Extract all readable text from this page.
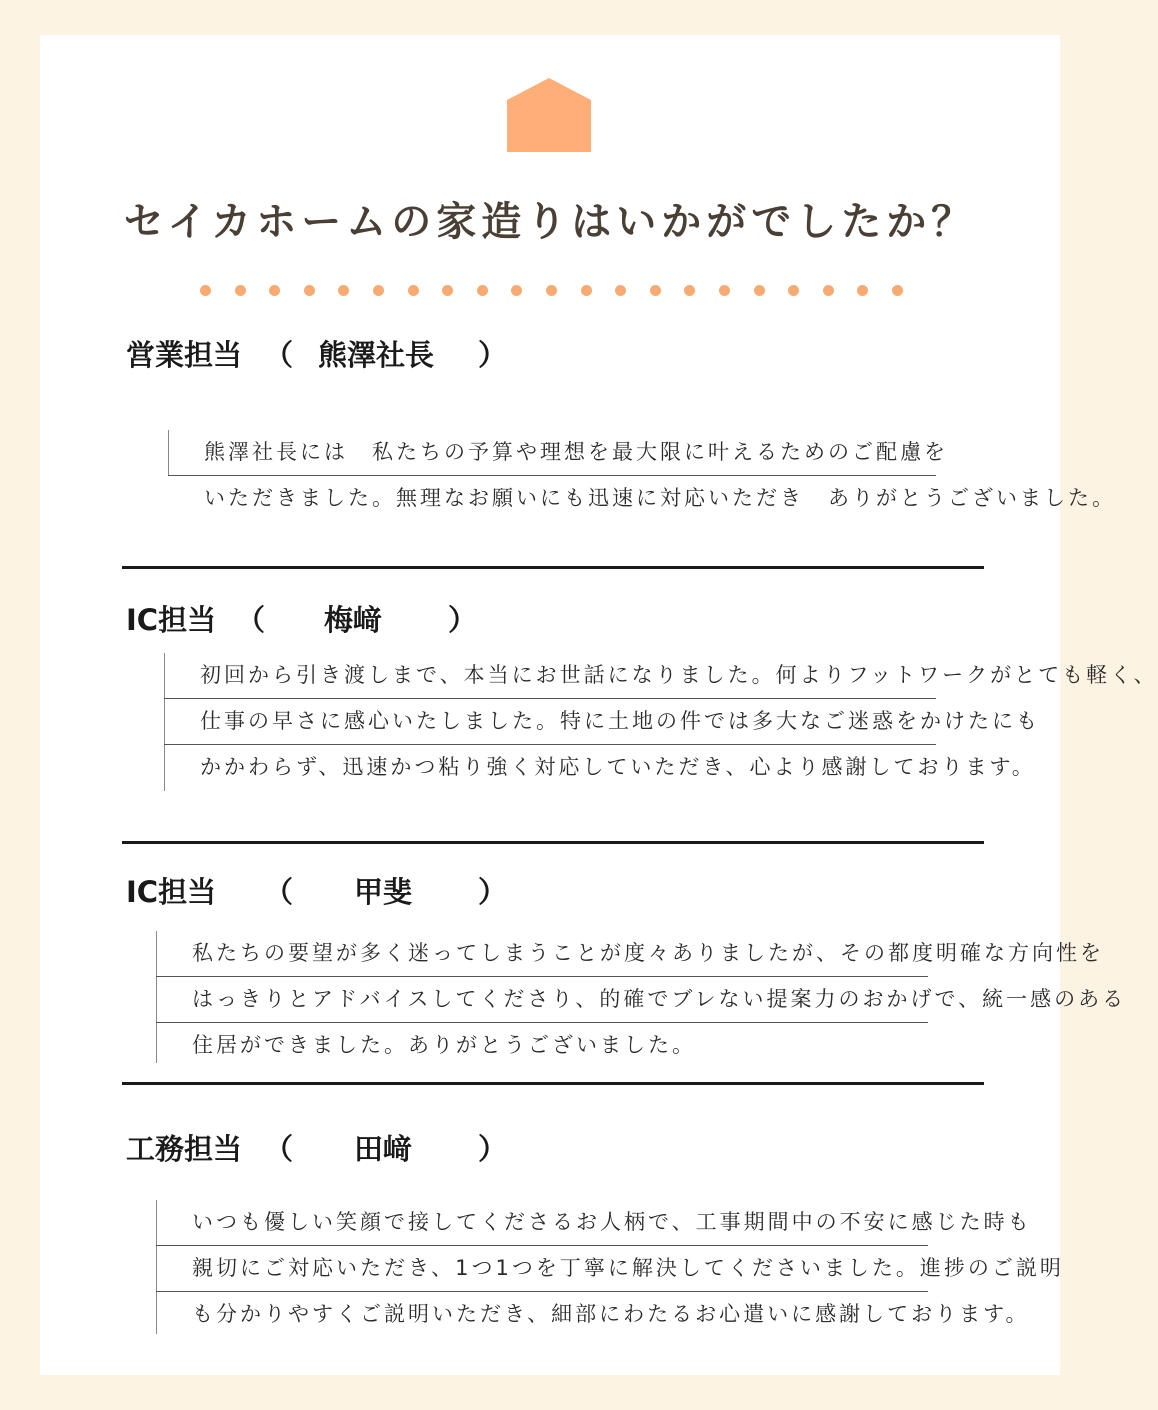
セイカホームの家造りはいかがでしたか？
営業担当 （ 熊澤社長 ）
熊澤社長には　私たちの予算や理想を最大限に叶えるためのご配慮を
いただきました。無理なお願いにも迅速に対応いただき　ありがとうございました。
IC担当 （ 梅﨑 ）
初回から引き渡しまで、本当にお世話になりました。何よりフットワークがとても軽く、
仕事の早さに感心いたしました。特に土地の件では多大なご迷惑をかけたにも
かかわらず、迅速かつ粘り強く対応していただき、心より感謝しております。
IC担当 （ 甲斐 ）
私たちの要望が多く迷ってしまうことが度々ありましたが、その都度明確な方向性を
はっきりとアドバイスしてくださり、的確でブレない提案力のおかげで、統一感のある
住居ができました。ありがとうございました。
工務担当 （ 田﨑 ）
いつも優しい笑顔で接してくださるお人柄で、工事期間中の不安に感じた時も
親切にご対応いただき、1つ1つを丁寧に解決してくださいました。進捗のご説明
も分かりやすくご説明いただき、細部にわたるお心遣いに感謝しております。
